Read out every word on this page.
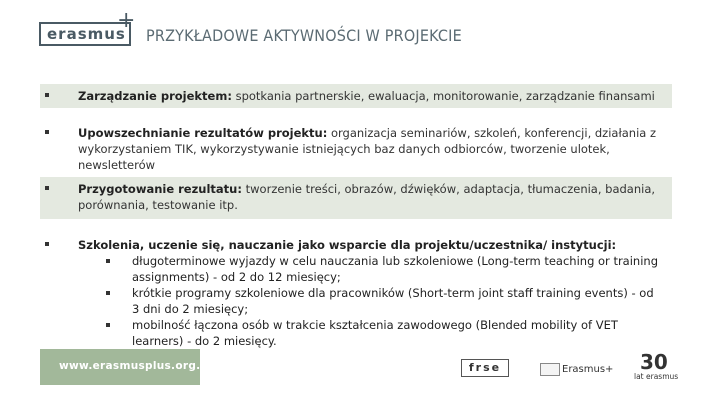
erasmus
+
PRZYKŁADOWE AKTYWNOŚCI W PROJEKCIE
Zarządzanie projektem: spotkania partnerskie, ewaluacja, monitorowanie, zarządzanie finansami
Upowszechnianie rezultatów projektu: organizacja seminariów, szkoleń, konferencji, działania z wykorzystaniem TIK, wykorzystywanie istniejących baz danych odbiorców, tworzenie ulotek, newsletterów
Przygotowanie rezultatu: tworzenie treści, obrazów, dźwięków, adaptacja, tłumaczenia, badania, porównania, testowanie itp.
Szkolenia, uczenie się, nauczanie jako wsparcie dla projektu/uczestnika/ instytucji:
długoterminowe wyjazdy w celu nauczania lub szkoleniowe (Long-term teaching or training assignments) - od 2 do 12 miesięcy;
krótkie programy szkoleniowe dla pracowników (Short-term joint staff training events) - od 3 dni do 2 miesięcy;
mobilność łączona osób w trakcie kształcenia zawodowego (Blended mobility of VET learners) - do 2 miesięcy.
www.erasmusplus.org.pl	frse	Erasmus+ 30
lat erasmus
